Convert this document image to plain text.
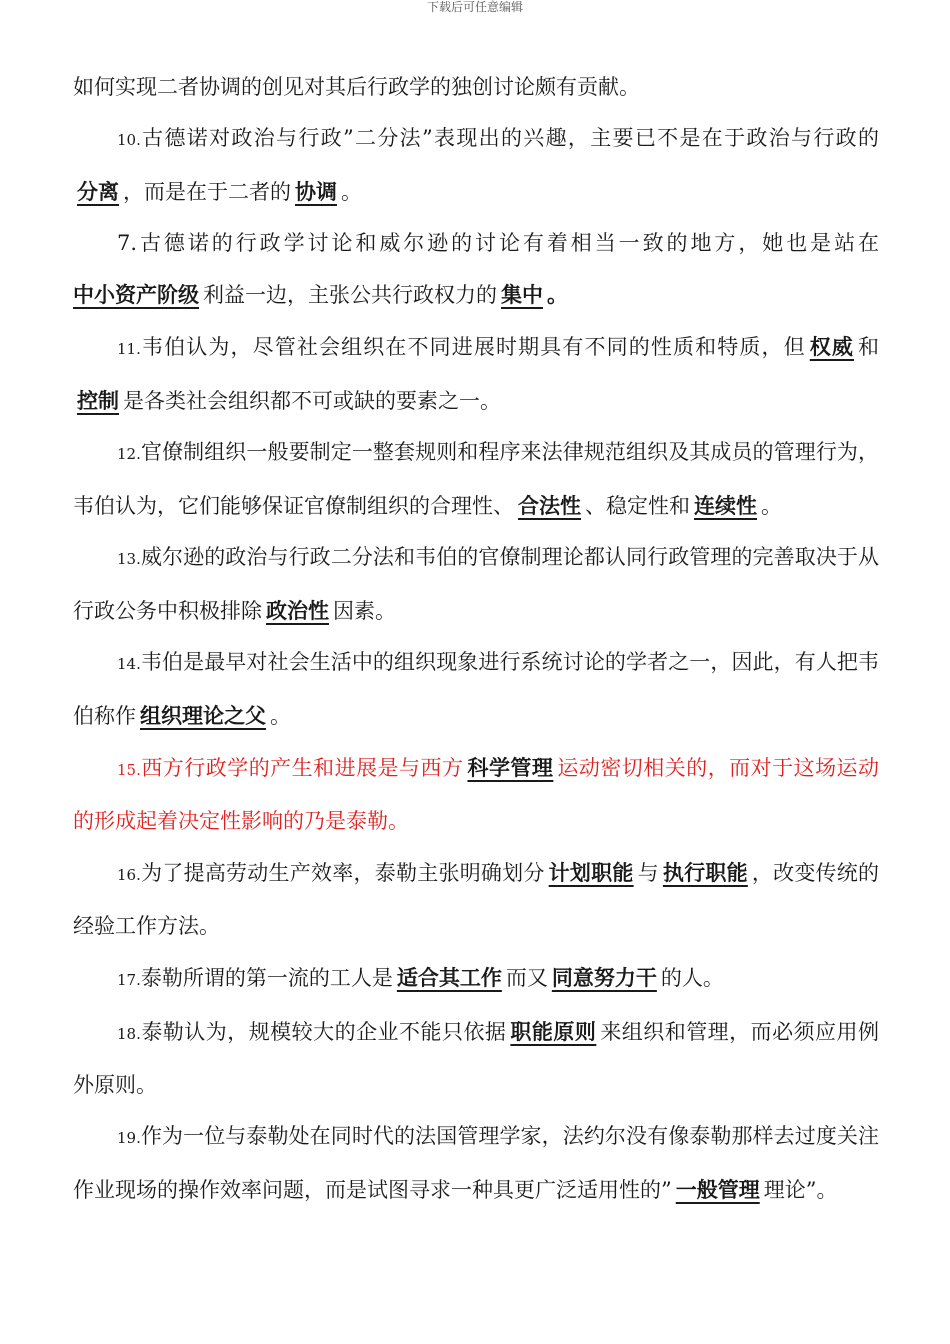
下载后可任意编辑

如何实现二者协调的创见对其后行政学的独创讨论颇有贡献。

10.古德诺对政治与行政”二分法”表现出的兴趣，主要已不是在于政治与行政的分离 ，而是在于二者的 协调 。

7.古德诺的行政学讨论和威尔逊的讨论有着相当一致的地方，她也是站在中小资产阶级 利益一边，主张公共行政权力的 集中 。

11.韦伯认为，尽管社会组织在不同进展时期具有不同的性质和特质，但 权威 和控制 是各类社会组织都不可或缺的要素之一。

12.官僚制组织一般要制定一整套规则和程序来法律规范组织及其成员的管理行为，韦伯认为，它们能够保证官僚制组织的合理性、 合法性 、稳定性和 连续性 。

13.威尔逊的政治与行政二分法和韦伯的官僚制理论都认同行政管理的完善取决于从行政公务中积极排除 政治性 因素。

14.韦伯是最早对社会生活中的组织现象进行系统讨论的学者之一，因此，有人把韦伯称作 组织理论之父 。

15.西方行政学的产生和进展是与西方 科学管理 运动密切相关的，而对于这场运动的形成起着决定性影响的乃是泰勒。

16.为了提高劳动生产效率，泰勒主张明确划分 计划职能 与 执行职能 ，改变传统的经验工作方法。

17.泰勒所谓的第一流的工人是 适合其工作 而又 同意努力干 的人。

18.泰勒认为，规模较大的企业不能只依据 职能原则 来组织和管理，而必须应用例外原则。

19.作为一位与泰勒处在同时代的法国管理学家，法约尔没有像泰勒那样去过度关注作业现场的操作效率问题，而是试图寻求一种具更广泛适用性的” 一般管理 理论”。
